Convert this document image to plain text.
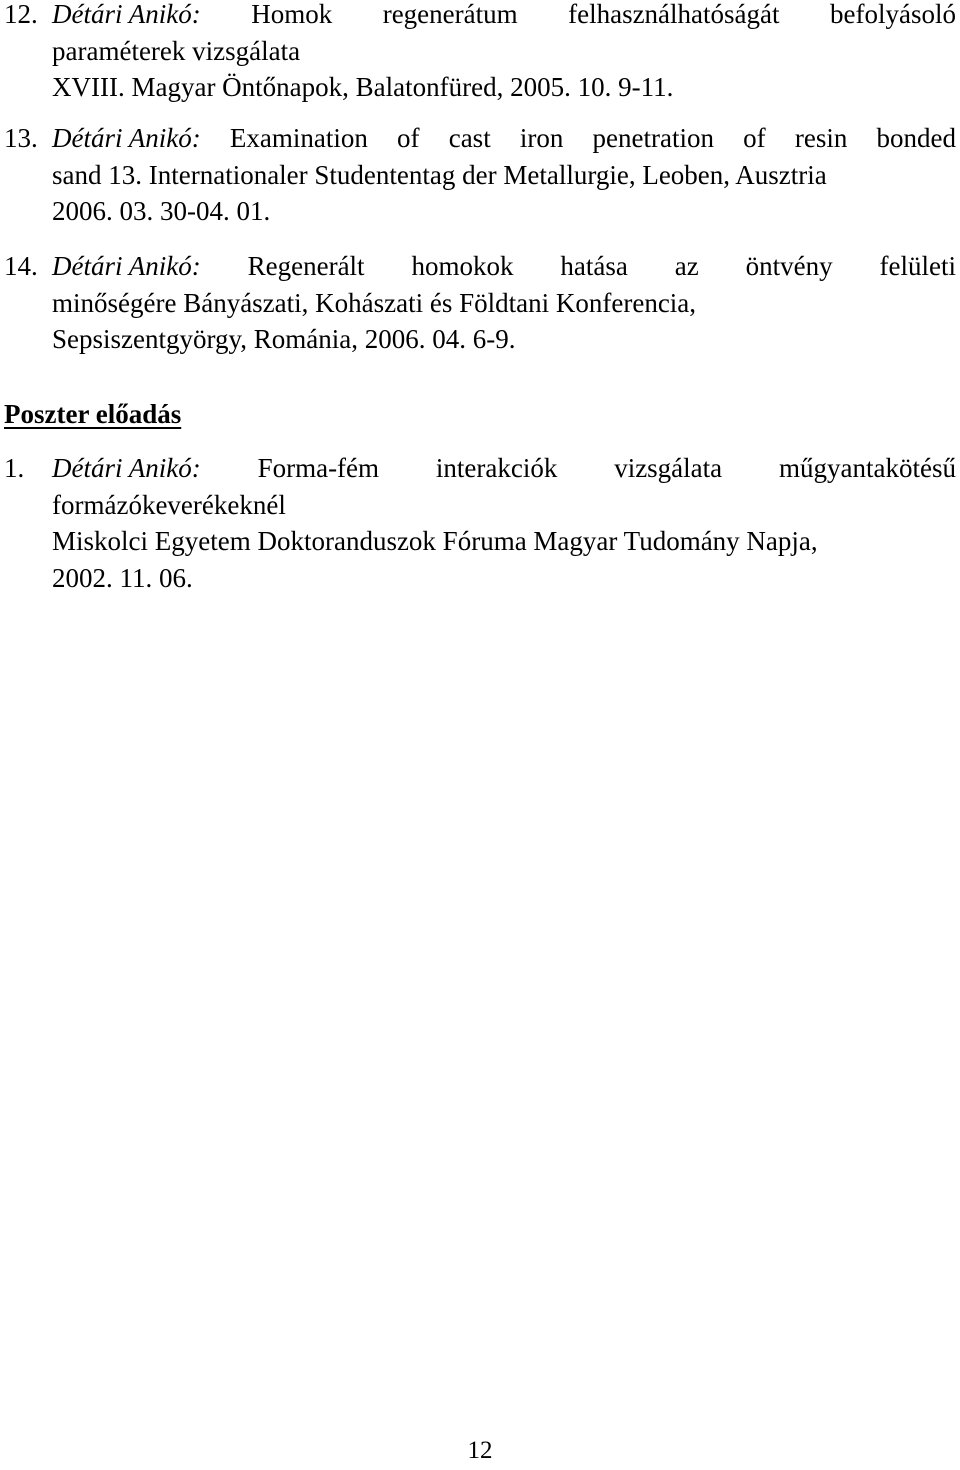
12. Détári Anikó: Homok regenerátum felhasználhatóságát befolyásoló
paraméterek vizsgálata
XVIII. Magyar Öntőnapok, Balatonfüred, 2005. 10. 9-11.
13. Détári Anikó: Examination of cast iron penetration of resin bonded
sand 13. Internationaler Studententag der Metallurgie, Leoben, Ausztria
2006. 03. 30-04. 01.
14. Détári Anikó: Regenerált homokok hatása az öntvény felületi
minőségére Bányászati, Kohászati és Földtani Konferencia,
Sepsiszentgyörgy, Románia, 2006. 04. 6-9.
Poszter előadás
1. Détári Anikó: Forma-fém interakciók vizsgálata műgyantakötésű
formázókeverékeknél
Miskolci Egyetem Doktoranduszok Fóruma Magyar Tudomány Napja,
2002. 11. 06.
12
